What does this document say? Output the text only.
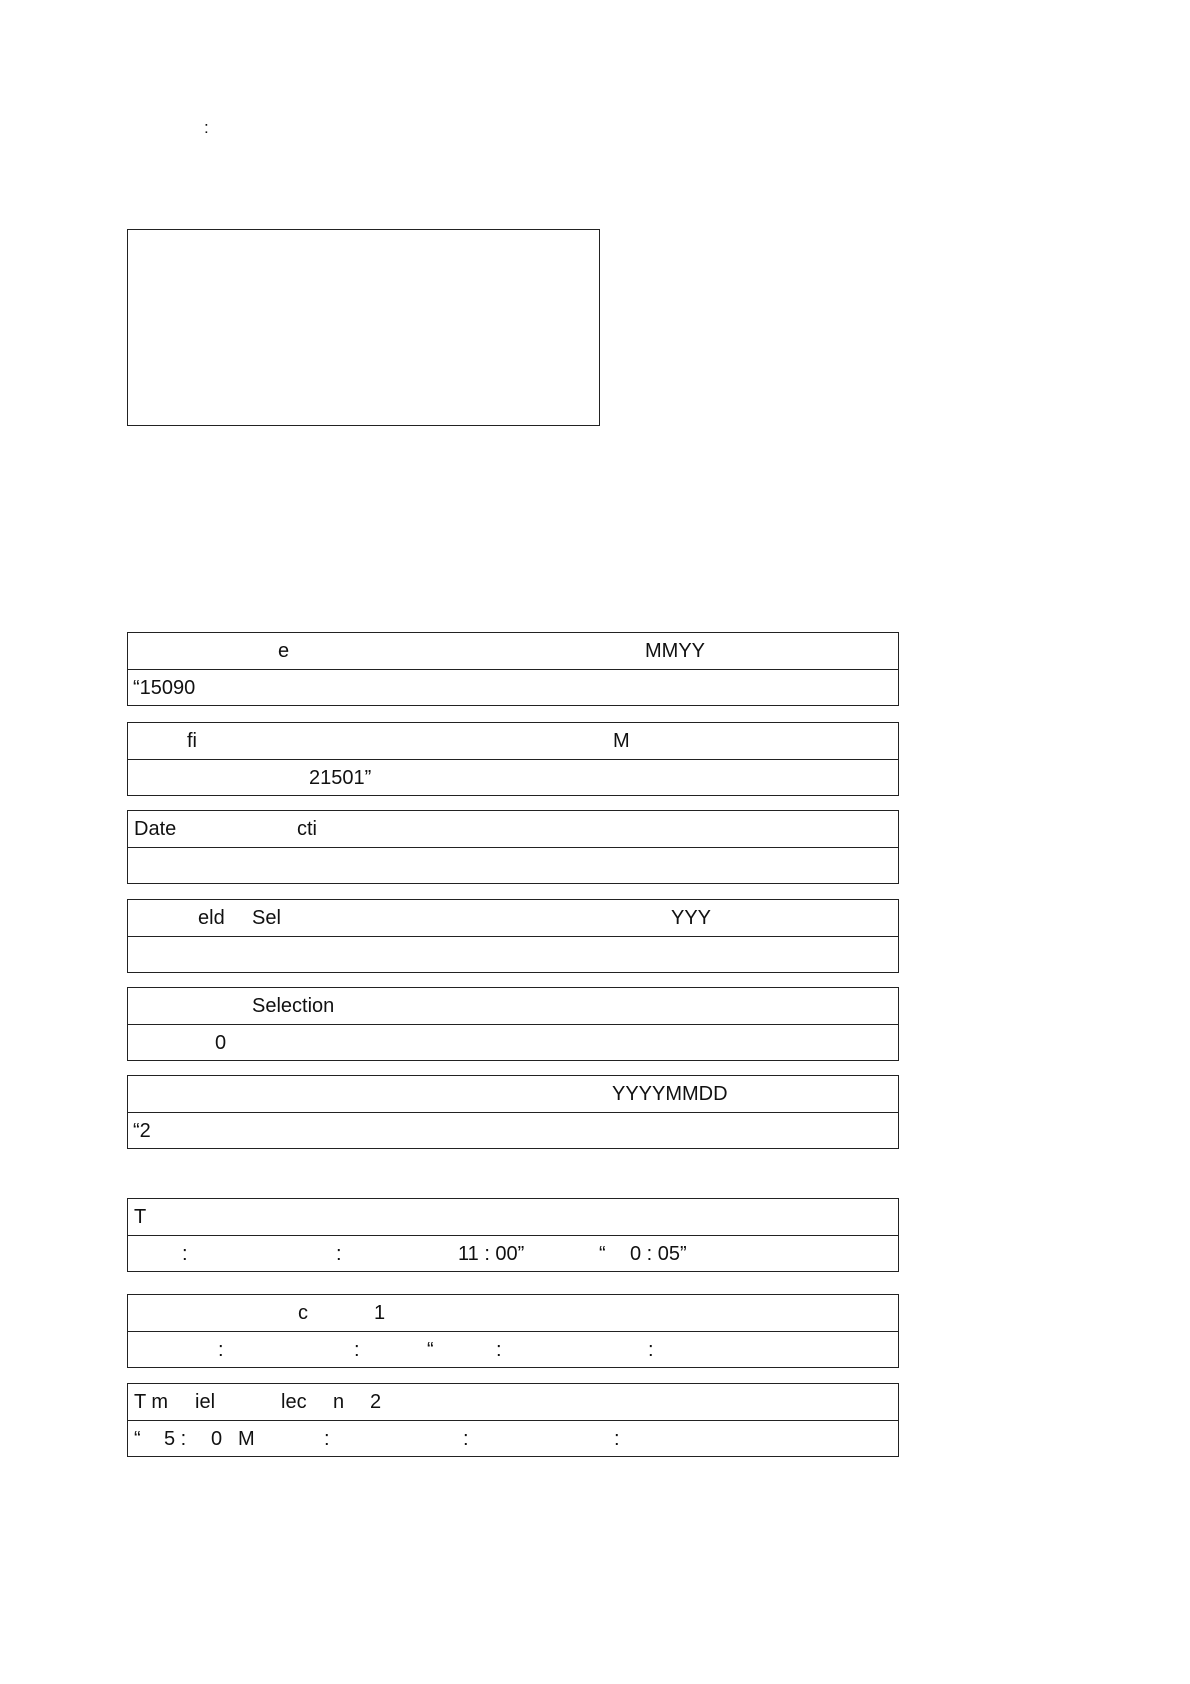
:
e	MMYY
“15090
fi	M
21501”
Date	cti
eld Sel	YYY
Selection
0
YYYYMMDD
“2
T
:	:	11 : 00”	“ 0 : 05”
c	1
:	:	“	:	:
T m iel	lec n 2
“ 5 : 0 M	:	:	:
